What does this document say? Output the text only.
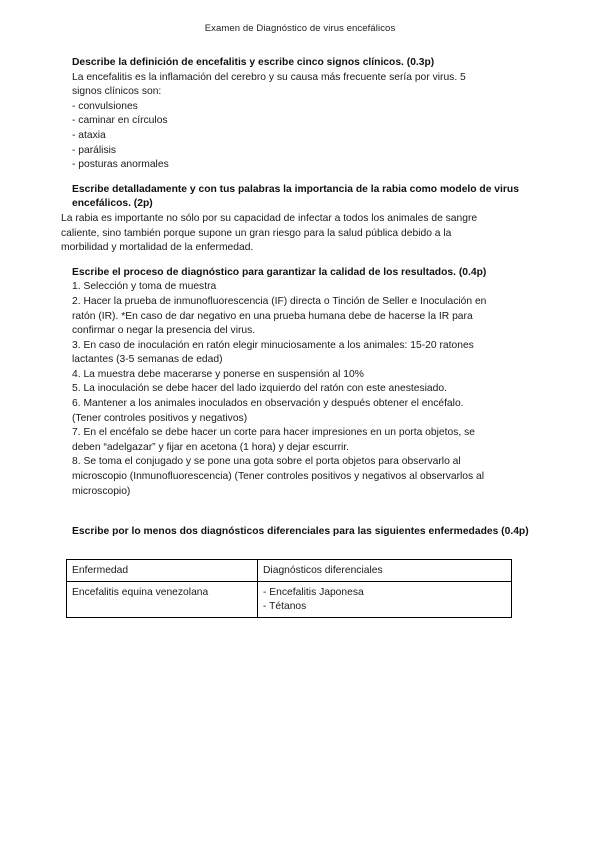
Examen de Diagnóstico de virus encefálicos
Describe la definición de encefalitis y escribe cinco signos clínicos. (0.3p)

La encefalitis es la inflamación del cerebro y su causa más frecuente sería por virus. 5

signos clínicos son:

- convulsiones

- caminar en círculos

- ataxia

- parálisis

- posturas anormales

Escribe detalladamente y con tus palabras la importancia de la rabia como modelo de virus encefálicos. (2p)

La rabia es importante no sólo por su capacidad de infectar a todos los animales de sangre

caliente, sino también porque supone un gran riesgo para la salud pública debido a la

morbilidad y mortalidad de la enfermedad.

Escribe el proceso de diagnóstico para garantizar la calidad de los resultados. (0.4p)

1. Selección y toma de muestra

2. Hacer la prueba de inmunofluorescencia (IF) directa o Tinción de Seller e Inoculación en

ratón (IR). *En caso de dar negativo en una prueba humana debe de hacerse la IR para

confirmar o negar la presencia del virus.

3. En caso de inoculación en ratón elegir minuciosamente a los animales: 15-20 ratones

lactantes (3-5 semanas de edad)

4. La muestra debe macerarse y ponerse en suspensión al 10%

5. La inoculación se debe hacer del lado izquierdo del ratón con este anestesiado.

6. Mantener a los animales inoculados en observación y después obtener el encéfalo.

(Tener controles positivos y negativos)

7. En el encéfalo se debe hacer un corte para hacer impresiones en un porta objetos, se

deben “adelgazar” y fijar en acetona (1 hora) y dejar escurrir.

8. Se toma el conjugado y se pone una gota sobre el porta objetos para observarlo al

microscopio (Inmunofluorescencia) (Tener controles positivos y negativos al observarlos al

microscopio)

Escribe por lo menos dos diagnósticos diferenciales para las siguientes enfermedades (0.4p)
Enfermedad	Diagnósticos diferenciales
Encefalitis equina venezolana	- Encefalitis Japonesa
- Tétanos
